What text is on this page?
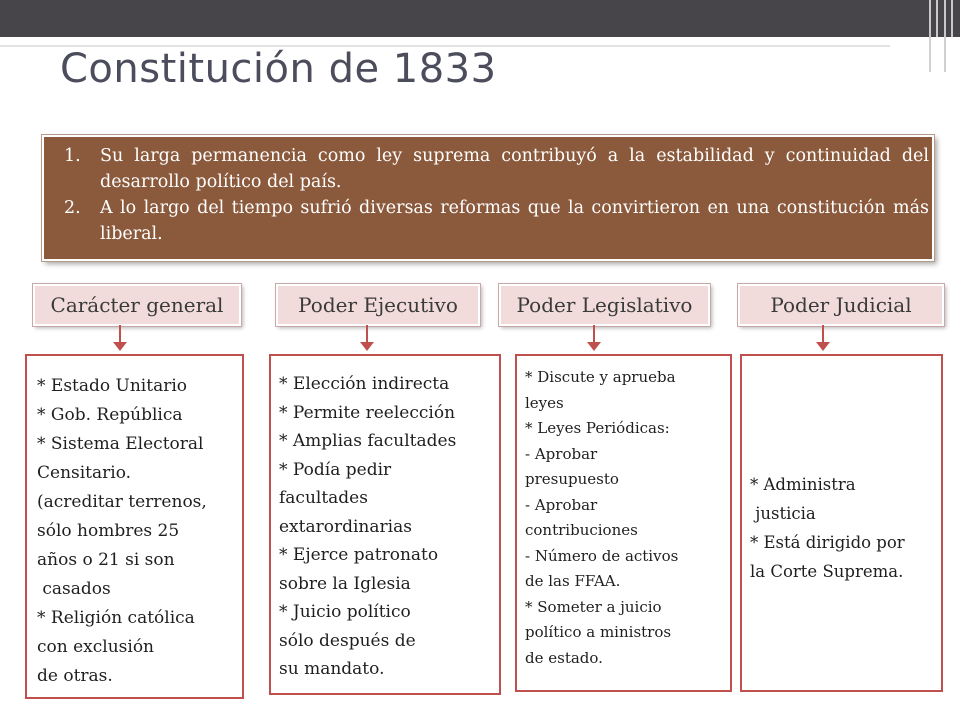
Constitución de 1833
1. Su larga permanencia como ley suprema contribuyó a la estabilidad y continuidad del desarrollo político del país.
2. A lo largo del tiempo sufrió diversas reformas que la convirtieron en una constitución más liberal.
Carácter general	Poder Ejecutivo	Poder Legislativo	Poder Judicial
* Estado Unitario
* Gob. República
* Sistema Electoral
Censitario.
(acreditar terrenos,
sólo hombres 25
años o 21 si son
casados
* Religión católica
con exclusión
de otras.
* Elección indirecta
* Permite reelección
* Amplias facultades
* Podía pedir
facultades
extarordinarias
* Ejerce patronato
sobre la Iglesia
* Juicio político
sólo después de
su mandato.
* Discute y aprueba
leyes
* Leyes Periódicas:
- Aprobar
presupuesto
- Aprobar
contribuciones
- Número de activos
de las FFAA.
* Someter a juicio
político a ministros
de estado.
* Administra
justicia
* Está dirigido por
la Corte Suprema.
